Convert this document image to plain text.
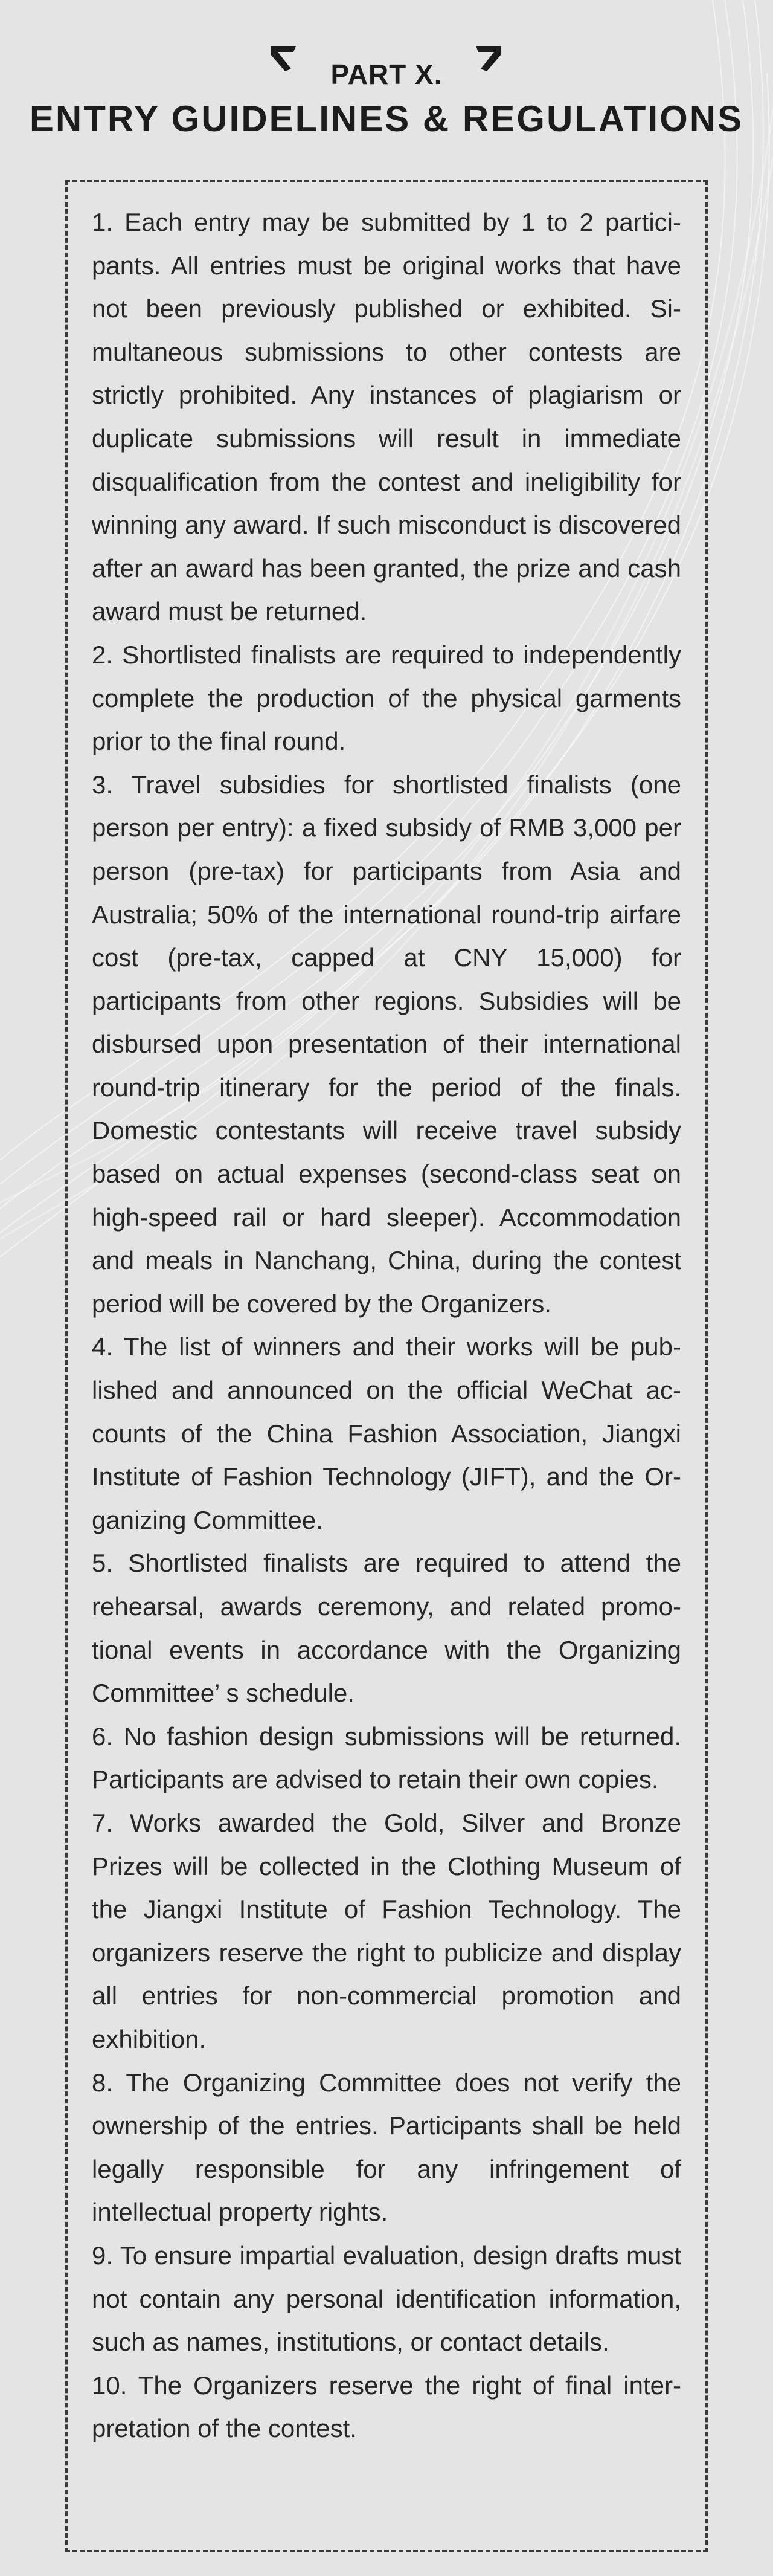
PART X.
ENTRY GUIDELINES & REGULATIONS
1. Each entry may be submitted by 1 to 2 participants. All entries must be original works that have not been previously published or exhibited. Simultaneous submissions to other contests are strictly prohibited. Any instances of plagiarism or duplicate submissions will result in immediate disqualification from the contest and ineligibility for winning any award. If such misconduct is discovered after an award has been granted, the prize and cash award must be returned.
2. Shortlisted finalists are required to independently complete the production of the physical garments prior to the final round.
3. Travel subsidies for shortlisted finalists (one person per entry): a fixed subsidy of RMB 3,000 per person (pre-tax) for participants from Asia and Australia; 50% of the international round-trip airfare cost (pre-tax, capped at CNY 15,000) for participants from other regions. Subsidies will be disbursed upon presentation of their international round-trip itinerary for the period of the finals. Domestic contestants will receive travel subsidy based on actual expenses (second-class seat on high-speed rail or hard sleeper). Accommodation and meals in Nanchang, China, during the contest period will be covered by the Organizers.
4. The list of winners and their works will be published and announced on the official WeChat accounts of the China Fashion Association, Jiangxi Institute of Fashion Technology (JIFT), and the Organizing Committee.
5. Shortlisted finalists are required to attend the rehearsal, awards ceremony, and related promotional events in accordance with the Organizing Committee’ s schedule.
6. No fashion design submissions will be returned. Participants are advised to retain their own copies.
7. Works awarded the Gold, Silver and Bronze Prizes will be collected in the Clothing Museum of the Jiangxi Institute of Fashion Technology. The organizers reserve the right to publicize and display all entries for non-commercial promotion and exhibition.
8. The Organizing Committee does not verify the ownership of the entries. Participants shall be held legally responsible for any infringement of intellectual property rights.
9. To ensure impartial evaluation, design drafts must not contain any personal identification information, such as names, institutions, or contact details.
10. The Organizers reserve the right of final interpretation of the contest.
